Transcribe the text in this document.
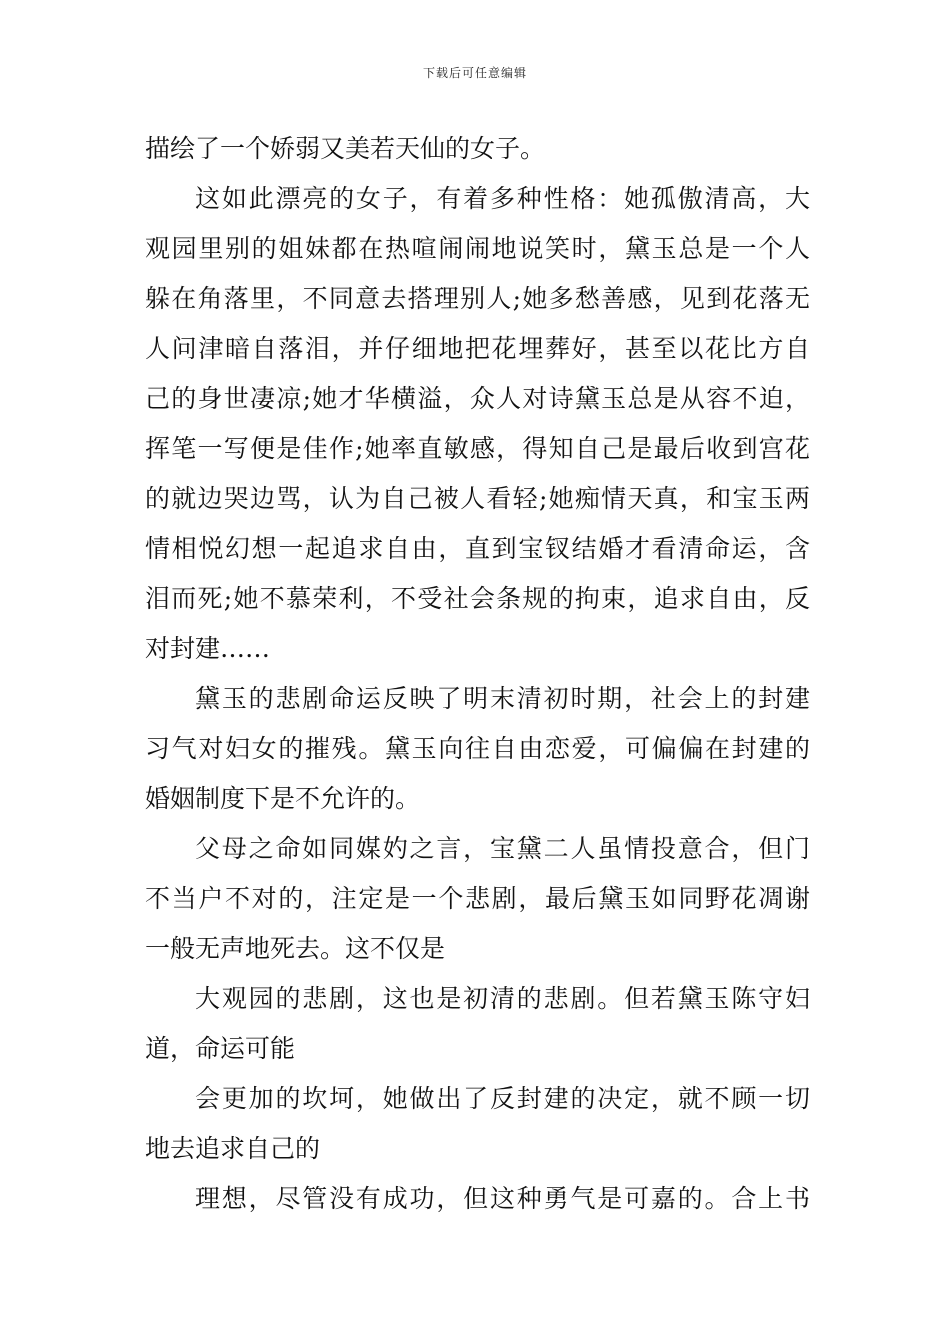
下载后可任意编辑
描绘了一个娇弱又美若天仙的女子。
这如此漂亮的女子，有着多种性格：她孤傲清高，大
观园里别的姐妹都在热喧闹闹地说笑时，黛玉总是一个人
躲在角落里，不同意去搭理别人;她多愁善感，见到花落无
人问津暗自落泪，并仔细地把花埋葬好，甚至以花比方自
己的身世凄凉;她才华横溢，众人对诗黛玉总是从容不迫，
挥笔一写便是佳作;她率直敏感，得知自己是最后收到宫花
的就边哭边骂，认为自己被人看轻;她痴情天真，和宝玉两
情相悦幻想一起追求自由，直到宝钗结婚才看清命运，含
泪而死;她不慕荣利，不受社会条规的拘束，追求自由，反
对封建……
黛玉的悲剧命运反映了明末清初时期，社会上的封建
习气对妇女的摧残。黛玉向往自由恋爱，可偏偏在封建的
婚姻制度下是不允许的。
父母之命如同媒妁之言，宝黛二人虽情投意合，但门
不当户不对的，注定是一个悲剧，最后黛玉如同野花凋谢
一般无声地死去。这不仅是
大观园的悲剧，这也是初清的悲剧。但若黛玉陈守妇
道，命运可能
会更加的坎坷，她做出了反封建的决定，就不顾一切
地去追求自己的
理想，尽管没有成功，但这种勇气是可嘉的。合上书
